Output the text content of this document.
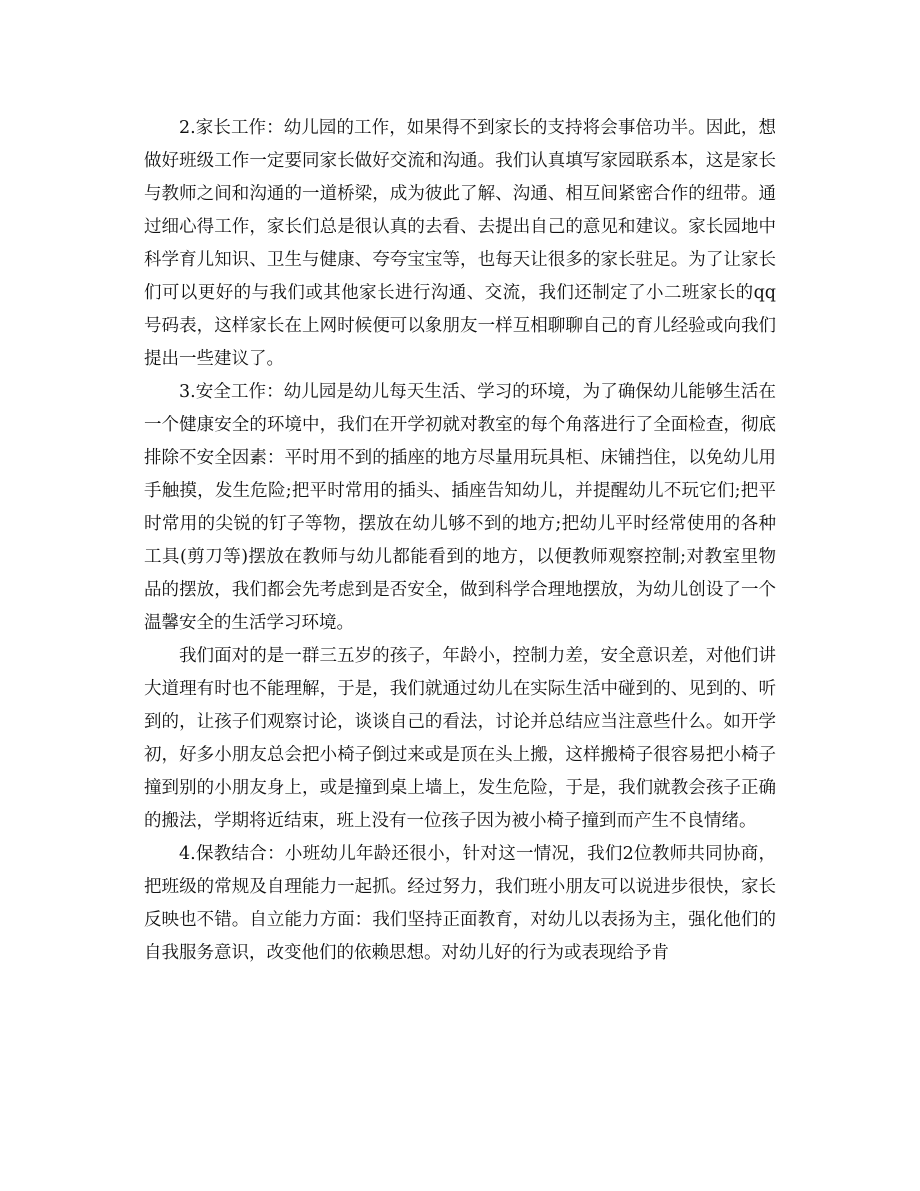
2.家长工作：幼儿园的工作，如果得不到家长的支持将会事倍功半。因此，想做好班级工作一定要同家长做好交流和沟通。我们认真填写家园联系本，这是家长与教师之间和沟通的一道桥梁，成为彼此了解、沟通、相互间紧密合作的纽带。通过细心得工作，家长们总是很认真的去看、去提出自己的意见和建议。家长园地中科学育儿知识、卫生与健康、夸夸宝宝等，也每天让很多的家长驻足。为了让家长们可以更好的与我们或其他家长进行沟通、交流，我们还制定了小二班家长的qq号码表，这样家长在上网时候便可以象朋友一样互相聊聊自己的育儿经验或向我们提出一些建议了。

3.安全工作：幼儿园是幼儿每天生活、学习的环境，为了确保幼儿能够生活在一个健康安全的环境中，我们在开学初就对教室的每个角落进行了全面检查，彻底排除不安全因素：平时用不到的插座的地方尽量用玩具柜、床铺挡住，以免幼儿用手触摸，发生危险;把平时常用的插头、插座告知幼儿，并提醒幼儿不玩它们;把平时常用的尖锐的钉子等物，摆放在幼儿够不到的地方;把幼儿平时经常使用的各种工具(剪刀等)摆放在教师与幼儿都能看到的地方，以便教师观察控制;对教室里物品的摆放，我们都会先考虑到是否安全，做到科学合理地摆放，为幼儿创设了一个温馨安全的生活学习环境。

我们面对的是一群三五岁的孩子，年龄小，控制力差，安全意识差，对他们讲大道理有时也不能理解，于是，我们就通过幼儿在实际生活中碰到的、见到的、听到的，让孩子们观察讨论，谈谈自己的看法，讨论并总结应当注意些什么。如开学初，好多小朋友总会把小椅子倒过来或是顶在头上搬，这样搬椅子很容易把小椅子撞到别的小朋友身上，或是撞到桌上墙上，发生危险，于是，我们就教会孩子正确的搬法，学期将近结束，班上没有一位孩子因为被小椅子撞到而产生不良情绪。

4.保教结合：小班幼儿年龄还很小，针对这一情况，我们2位教师共同协商，把班级的常规及自理能力一起抓。经过努力，我们班小朋友可以说进步很快，家长反映也不错。自立能力方面：我们坚持正面教育，对幼儿以表扬为主，强化他们的自我服务意识，改变他们的依赖思想。对幼儿好的行为或表现给予肯
